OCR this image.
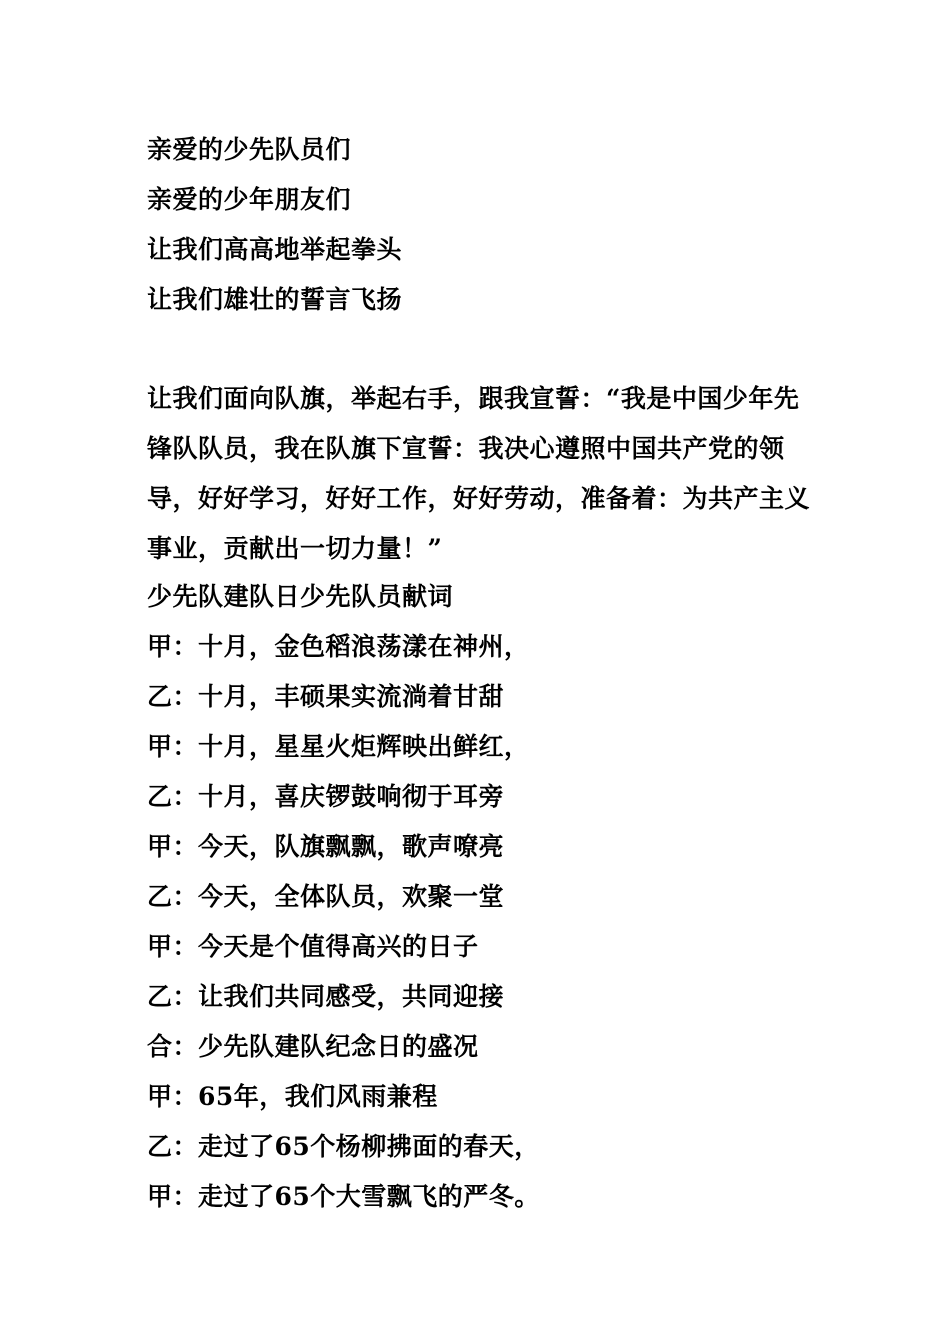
亲爱的少先队员们
亲爱的少年朋友们
让我们高高地举起拳头
让我们雄壮的誓言飞扬
让我们面向队旗，举起右手，跟我宣誓：“我是中国少年先锋队队员，我在队旗下宣誓：我决心遵照中国共产党的领导，好好学习，好好工作，好好劳动，准备着：为共产主义事业，贡献出一切力量！”
少先队建队日少先队员献词
甲：十月，金色稻浪荡漾在神州，
乙：十月，丰硕果实流淌着甘甜
甲：十月，星星火炬辉映出鲜红，
乙：十月，喜庆锣鼓响彻于耳旁
甲：今天，队旗飘飘，歌声嘹亮
乙：今天，全体队员，欢聚一堂
甲：今天是个值得高兴的日子
乙：让我们共同感受，共同迎接
合：少先队建队纪念日的盛况
甲：65年，我们风雨兼程
乙：走过了65个杨柳拂面的春天，
甲：走过了65个大雪飘飞的严冬。
